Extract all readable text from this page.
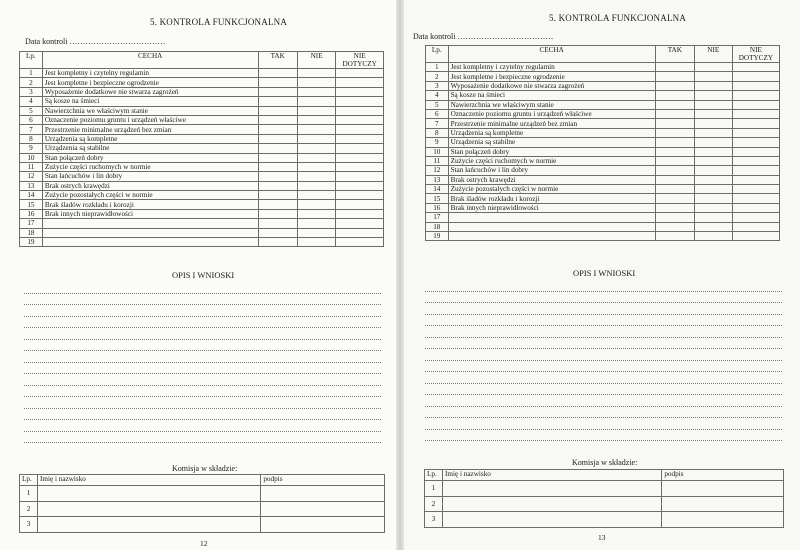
5. KONTROLA FUNKCJONALNA
Data kontroli ………………………………
Lp.	CECHA	TAK	NIE	NIE DOTYCZY
1	Jest kompletny i czytelny regulamin			
2	Jest kompletne i bezpieczne ogrodzenie			
3	Wyposażenie dodatkowe nie stwarza zagrożeń			
4	Są kosze na śmieci			
5	Nawierzchnia we właściwym stanie			
6	Oznaczenie poziomu gruntu i urządzeń właściwe			
7	Przestrzenie minimalne urządzeń bez zmian			
8	Urządzenia są kompletne			
9	Urządzenia są stabilne			
10	Stan połączeń dobry			
11	Zużycie części ruchomych w normie			
12	Stan łańcuchów i lin dobry			
13	Brak ostrych krawędzi			
14	Zużycie pozostałych części w normie			
15	Brak śladów rozkładu i korozji			
16	Brak innych nieprawidłowości			
17				
18				
19				
OPIS I WNIOSKI
Komisja w składzie:
Lp.	Imię i nazwisko	podpis
1		
2		
3		
12
5. KONTROLA FUNKCJONALNA
Data kontroli ………………………………
Lp.	CECHA	TAK	NIE	NIE DOTYCZY
1	Jest kompletny i czytelny regulamin			
2	Jest kompletne i bezpieczne ogrodzenie			
3	Wyposażenie dodatkowe nie stwarza zagrożeń			
4	Są kosze na śmieci			
5	Nawierzchnia we właściwym stanie			
6	Oznaczenie poziomu gruntu i urządzeń właściwe			
7	Przestrzenie minimalne urządzeń bez zmian			
8	Urządzenia są kompletne			
9	Urządzenia są stabilne			
10	Stan połączeń dobry			
11	Zużycie części ruchomych w normie			
12	Stan łańcuchów i lin dobry			
13	Brak ostrych krawędzi			
14	Zużycie pozostałych części w normie			
15	Brak śladów rozkładu i korozji			
16	Brak innych nieprawidłowości			
17				
18				
19				
OPIS I WNIOSKI
Komisja w składzie:
Lp.	Imię i nazwisko	podpis
1		
2		
3		
13
